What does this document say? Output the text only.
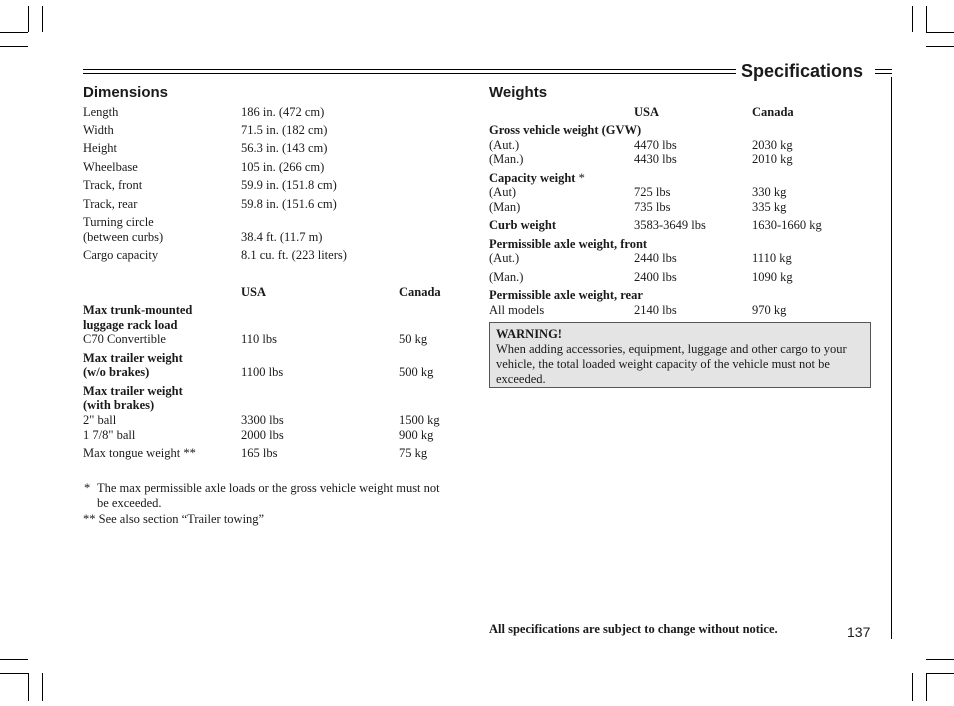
Specifications
Dimensions
Length	186 in. (472 cm)
Width	71.5 in. (182 cm)
Height	56.3 in. (143 cm)
Wheelbase	105 in. (266 cm)
Track, front	59.9 in. (151.8 cm)
Track, rear	59.8 in. (151.6 cm)
Turning circle
(between curbs)	38.4 ft. (11.7 m)
Cargo capacity	8.1 cu. ft. (223 liters)
USA	Canada
Max trunk-mounted
luggage rack load
C70 Convertible	110 lbs	50 kg
Max trailer weight
(w/o brakes)	1100 lbs	500 kg
Max trailer weight
(with brakes)
2" ball	3300 lbs	1500 kg
1 7/8" ball	2000 lbs	900 kg
Max tongue weight **	165 lbs	75 kg
* The max permissible axle loads or the gross vehicle weight must not
be exceeded.
** See also section “Trailer towing”
Weights
USA	Canada
Gross vehicle weight (GVW)
(Aut.)	4470 lbs	2030 kg
(Man.)	4430 lbs	2010 kg
Capacity weight *
(Aut)	725 lbs	330 kg
(Man)	735 lbs	335 kg
Curb weight	3583-3649 lbs	1630-1660 kg
Permissible axle weight, front
(Aut.)	2440 lbs	1110 kg
(Man.)	2400 lbs	1090 kg
Permissible axle weight, rear
All models	2140 lbs	970 kg
WARNING!
When adding accessories, equipment, luggage and other cargo to your
vehicle, the total loaded weight capacity of the vehicle must not be
exceeded.
All specifications are subject to change without notice.	137
